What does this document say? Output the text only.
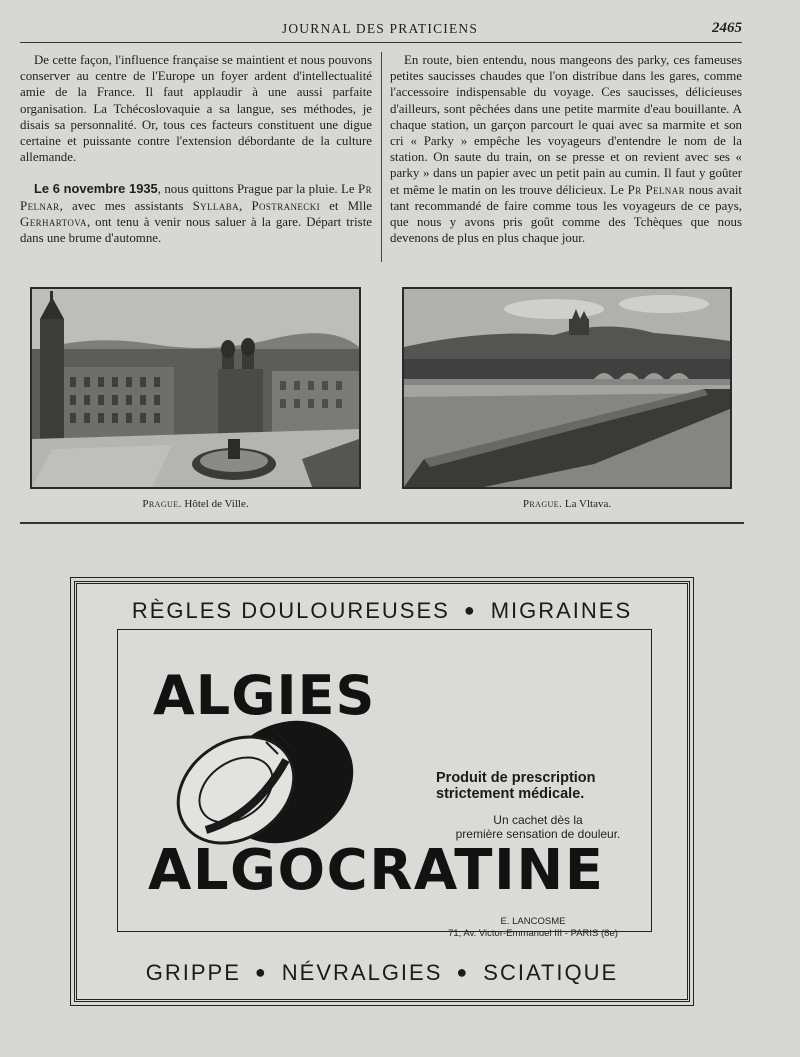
JOURNAL DES PRATICIENS	2465

De cette façon, l'influence française se maintient et nous pouvons conserver au centre de l'Europe un foyer ardent d'intellectualité amie de la France. Il faut applaudir à une aussi parfaite organisation. La Tchécoslovaquie a sa langue, ses méthodes, je disais sa personnalité. Or, tous ces facteurs constituent une digue certaine et puissante contre l'extension débordante de la culture allemande.

Le 6 novembre 1935, nous quittons Prague par la pluie. Le Pr Pelnar, avec mes assistants Syllaba, Postranecki et Mlle Gerhartova, ont tenu à venir nous saluer à la gare. Départ triste dans une brume d'automne.

En route, bien entendu, nous mangeons des parky, ces fameuses petites saucisses chaudes que l'on distribue dans les gares, comme l'accessoire indispensable du voyage. Ces saucisses, délicieuses d'ailleurs, sont pêchées dans une petite marmite d'eau bouillante. A chaque station, un garçon parcourt le quai avec sa marmite et son cri « Parky » empêche les voyageurs d'entendre le nom de la station. On saute du train, on se presse et on revient avec ses « parky » dans un papier avec un petit pain au cumin. Il faut y goûter et même le matin on les trouve délicieux. Le Pr Pelnar nous avait tant recommandé de faire comme tous les voyageurs de ce pays, que nous y avons pris goût comme des Tchèques que nous devenons de plus en plus chaque jour.

Prague. Hôtel de Ville.	Prague. La Vltava.
RÈGLES DOULOUREUSES ● MIGRAINES
ALGIES
Produit de prescription
strictement médicale.
Un cachet dès la
première sensation de douleur.
ALGOCRATINE
E. LANCOSME
71, Av. Victor-Emmanuel III - PARIS (8e)
GRIPPE ● NÉVRALGIES ● SCIATIQUE
